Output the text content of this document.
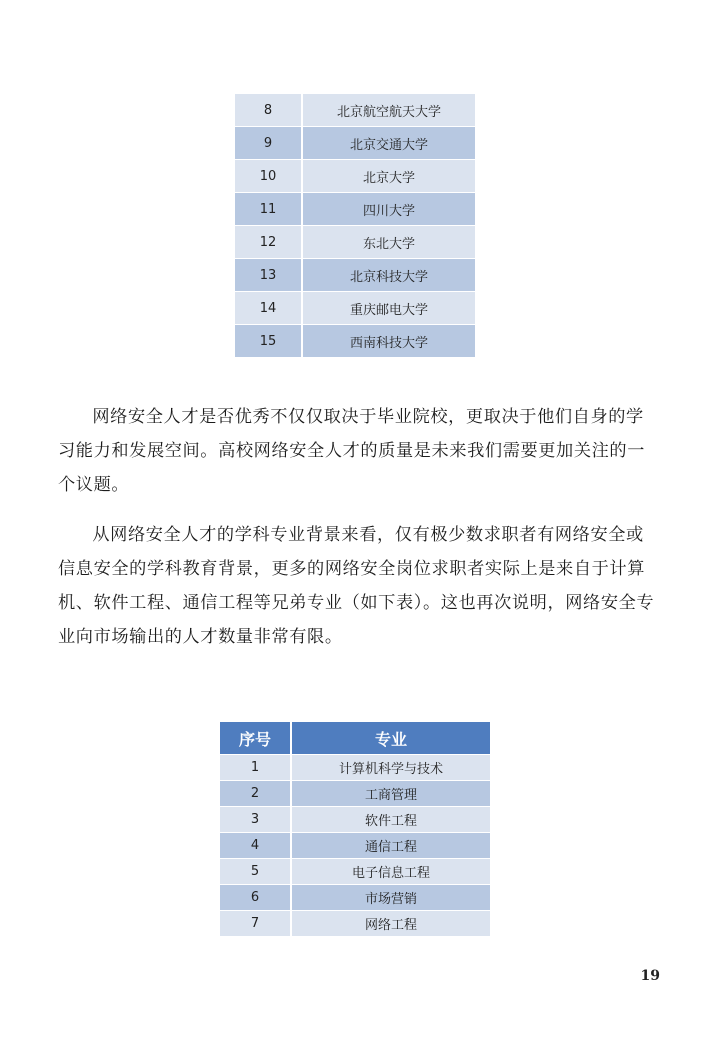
8	北京航空航天大学
9	北京交通大学
10	北京大学
11	四川大学
12	东北大学
13	北京科技大学
14	重庆邮电大学
15	西南科技大学

网络安全人才是否优秀不仅仅取决于毕业院校，更取决于他们自身的学习能力和发展空间。高校网络安全人才的质量是未来我们需要更加关注的一个议题。

从网络安全人才的学科专业背景来看，仅有极少数求职者有网络安全或信息安全的学科教育背景，更多的网络安全岗位求职者实际上是来自于计算机、软件工程、通信工程等兄弟专业（如下表）。这也再次说明，网络安全专业向市场输出的人才数量非常有限。

序号	专业
1	计算机科学与技术
2	工商管理
3	软件工程
4	通信工程
5	电子信息工程
6	市场营销
7	网络工程
19
